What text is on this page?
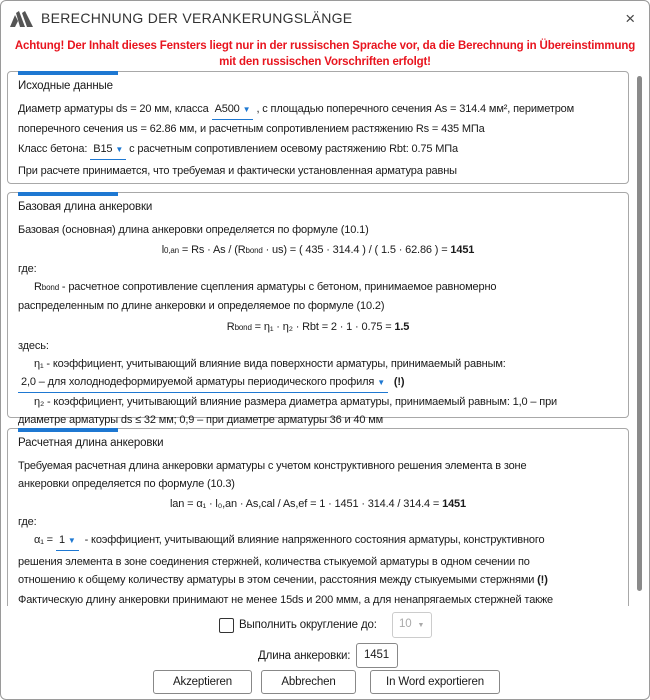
BERECHNUNG DER VERANKERUNGSLÄNGE	×
Achtung! Der Inhalt dieses Fensters liegt nur in der russischen Sprache vor, da die Berechnung in Übereinstimmung
mit den russischen Vorschriften erfolgt!
Исходные данные

Диаметр арматуры ds = 20 мм, класса A500 ▼ , с площадью поперечного сечения As = 314.4 мм², периметром

поперечного сечения us = 62.86 мм, и расчетным сопротивлением растяжению Rs = 435 МПа

Класс бетона: B15 ▼ с расчетным сопротивлением осевому растяжению Rbt: 0.75 МПа

При расчете принимается, что требуемая и фактически установленная арматура равны

Базовая длина анкеровки

Базовая (основная) длина анкеровки определяется по формуле (10.1)

l0,an = Rs · As / (Rbond · us) = ( 435 · 314.4 ) / ( 1.5 · 62.86 ) = 1451

где:

Rbond - расчетное сопротивление сцепления арматуры с бетоном, принимаемое равномерно

распределенным по длине анкеровки и определяемое по формуле (10.2)

Rbond = η₁ · η₂ · Rbt = 2 · 1 · 0.75 = 1.5

здесь:

η₁ - коэффициент, учитывающий влияние вида поверхности арматуры, принимаемый равным:

2,0 – для холоднодеформируемой арматуры периодического профиля ▼ (!)

η₂ - коэффициент, учитывающий влияние размера диаметра арматуры, принимаемый равным: 1,0 – при

диаметре арматуры ds ≤ 32 мм; 0,9 – при диаметре арматуры 36 и 40 мм

Расчетная длина анкеровки

Требуемая расчетная длина анкеровки арматуры с учетом конструктивного решения элемента в зоне

анкеровки определяется по формуле (10.3)

lan = α₁ · l₀,an · As,cal / As,ef = 1 · 1451 · 314.4 / 314.4 = 1451

где:

α₁ = 1 ▼ - коэффициент, учитывающий влияние напряженного состояния арматуры, конструктивного

решения элемента в зоне соединения стержней, количества стыкуемой арматуры в одном сечении по

отношению к общему количеству арматуры в этом сечении, расстояния между стыкуемыми стержнями (!)

Фактическую длину анкеровки принимают не менее 15ds и 200 ммм, а для ненапрягаемых стержней также

Выполнить округление до:	10 ▼
Длина анкеровки:	1451
Akzeptieren	Abbrechen	In Word exportieren
